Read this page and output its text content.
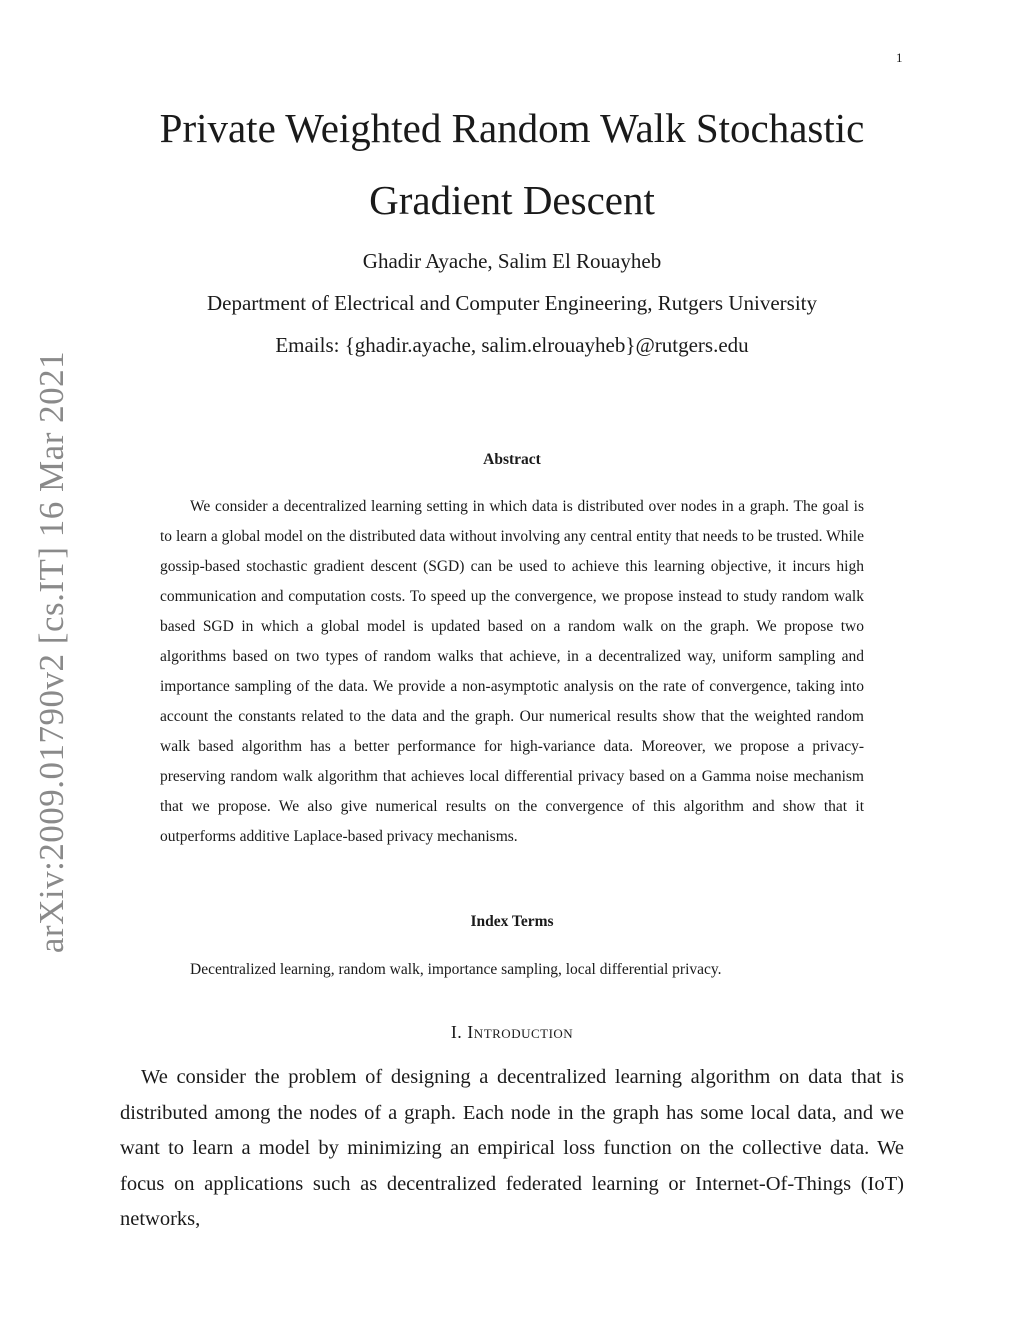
1
arXiv:2009.01790v2 [cs.IT] 16 Mar 2021
Private Weighted Random Walk Stochastic Gradient Descent
Ghadir Ayache, Salim El Rouayheb
Department of Electrical and Computer Engineering, Rutgers University
Emails: {ghadir.ayache, salim.elrouayheb}@rutgers.edu
Abstract

We consider a decentralized learning setting in which data is distributed over nodes in a graph. The goal is to learn a global model on the distributed data without involving any central entity that needs to be trusted. While gossip-based stochastic gradient descent (SGD) can be used to achieve this learning objective, it incurs high communication and computation costs. To speed up the convergence, we propose instead to study random walk based SGD in which a global model is updated based on a random walk on the graph. We propose two algorithms based on two types of random walks that achieve, in a decentralized way, uniform sampling and importance sampling of the data. We provide a non-asymptotic analysis on the rate of convergence, taking into account the constants related to the data and the graph. Our numerical results show that the weighted random walk based algorithm has a better performance for high-variance data. Moreover, we propose a privacy-preserving random walk algorithm that achieves local differential privacy based on a Gamma noise mechanism that we propose. We also give numerical results on the convergence of this algorithm and show that it outperforms additive Laplace-based privacy mechanisms.

Index Terms

Decentralized learning, random walk, importance sampling, local differential privacy.

I. Introduction

We consider the problem of designing a decentralized learning algorithm on data that is distributed among the nodes of a graph. Each node in the graph has some local data, and we want to learn a model by minimizing an empirical loss function on the collective data. We focus on applications such as decentralized federated learning or Internet-Of-Things (IoT) networks,
